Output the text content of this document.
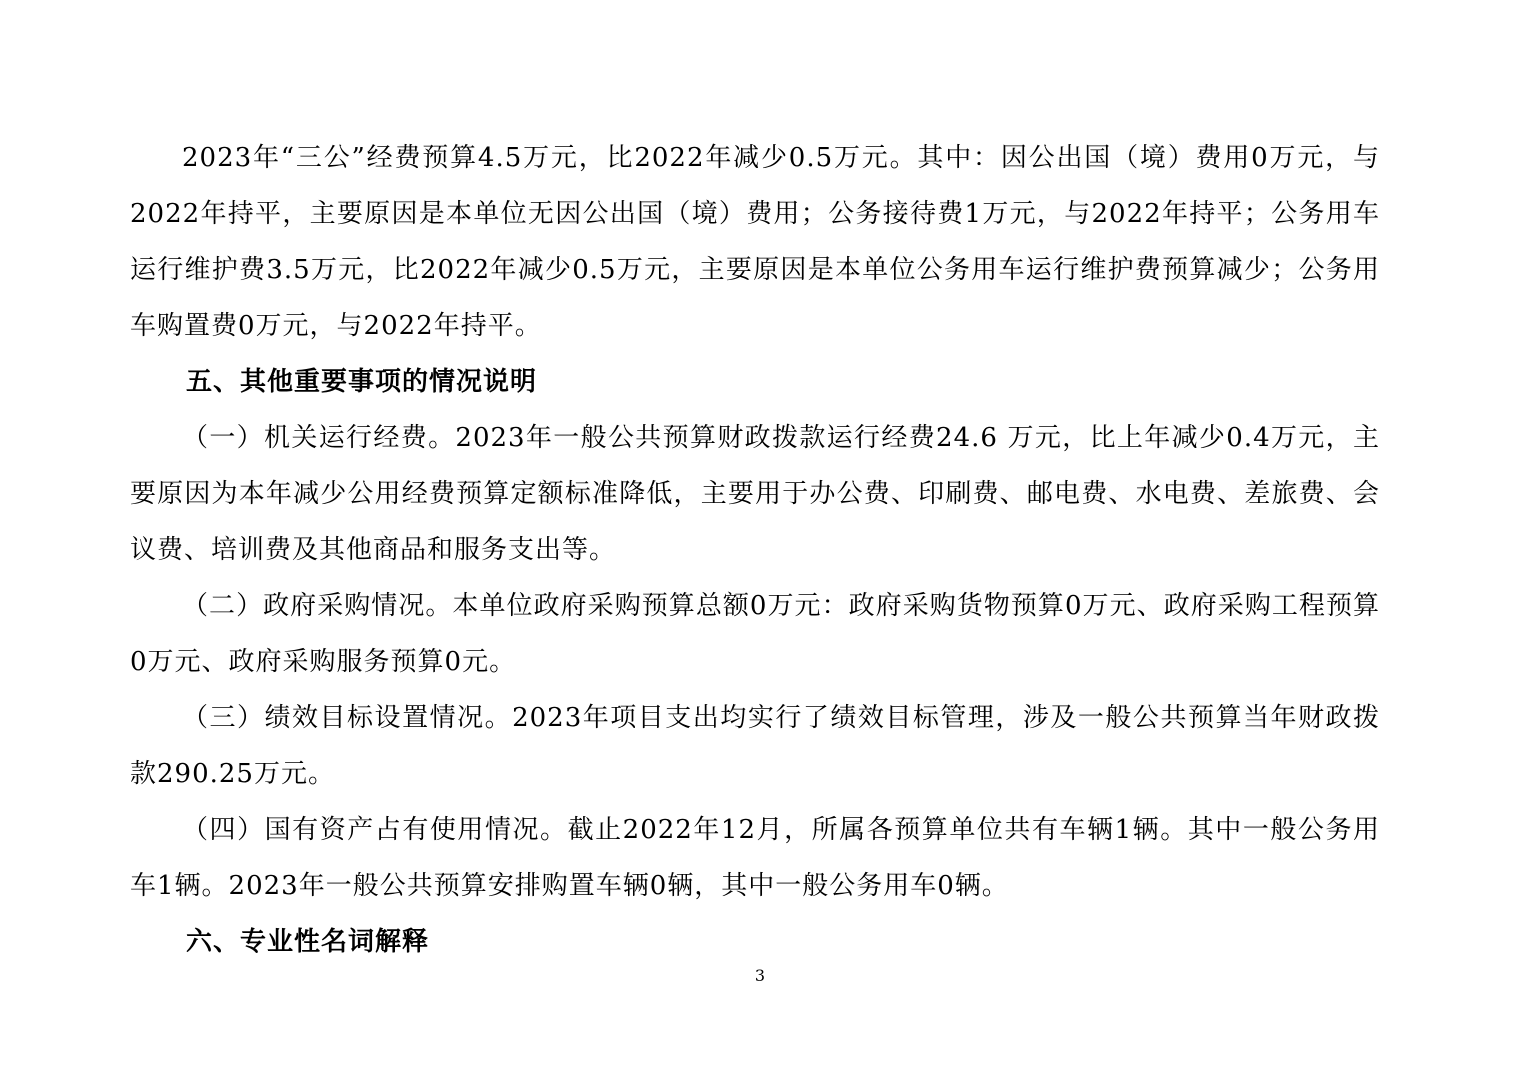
2023年“三公”经费预算4.5万元，比2022年减少0.5万元。其中：因公出国（境）费用0万元，与2022年持平，主要原因是本单位无因公出国（境）费用；公务接待费1万元，与2022年持平；公务用车运行维护费3.5万元，比2022年减少0.5万元，主要原因是本单位公务用车运行维护费预算减少；公务用车购置费0万元，与2022年持平。

五、其他重要事项的情况说明

（一）机关运行经费。2023年一般公共预算财政拨款运行经费24.6 万元，比上年减少0.4万元，主要原因为本年减少公用经费预算定额标准降低，主要用于办公费、印刷费、邮电费、水电费、差旅费、会议费、培训费及其他商品和服务支出等。

（二）政府采购情况。本单位政府采购预算总额0万元：政府采购货物预算0万元、政府采购工程预算0万元、政府采购服务预算0元。

（三）绩效目标设置情况。2023年项目支出均实行了绩效目标管理，涉及一般公共预算当年财政拨款290.25万元。

（四）国有资产占有使用情况。截止2022年12月，所属各预算单位共有车辆1辆。其中一般公务用车1辆。2023年一般公共预算安排购置车辆0辆，其中一般公务用车0辆。

六、专业性名词解释

3
